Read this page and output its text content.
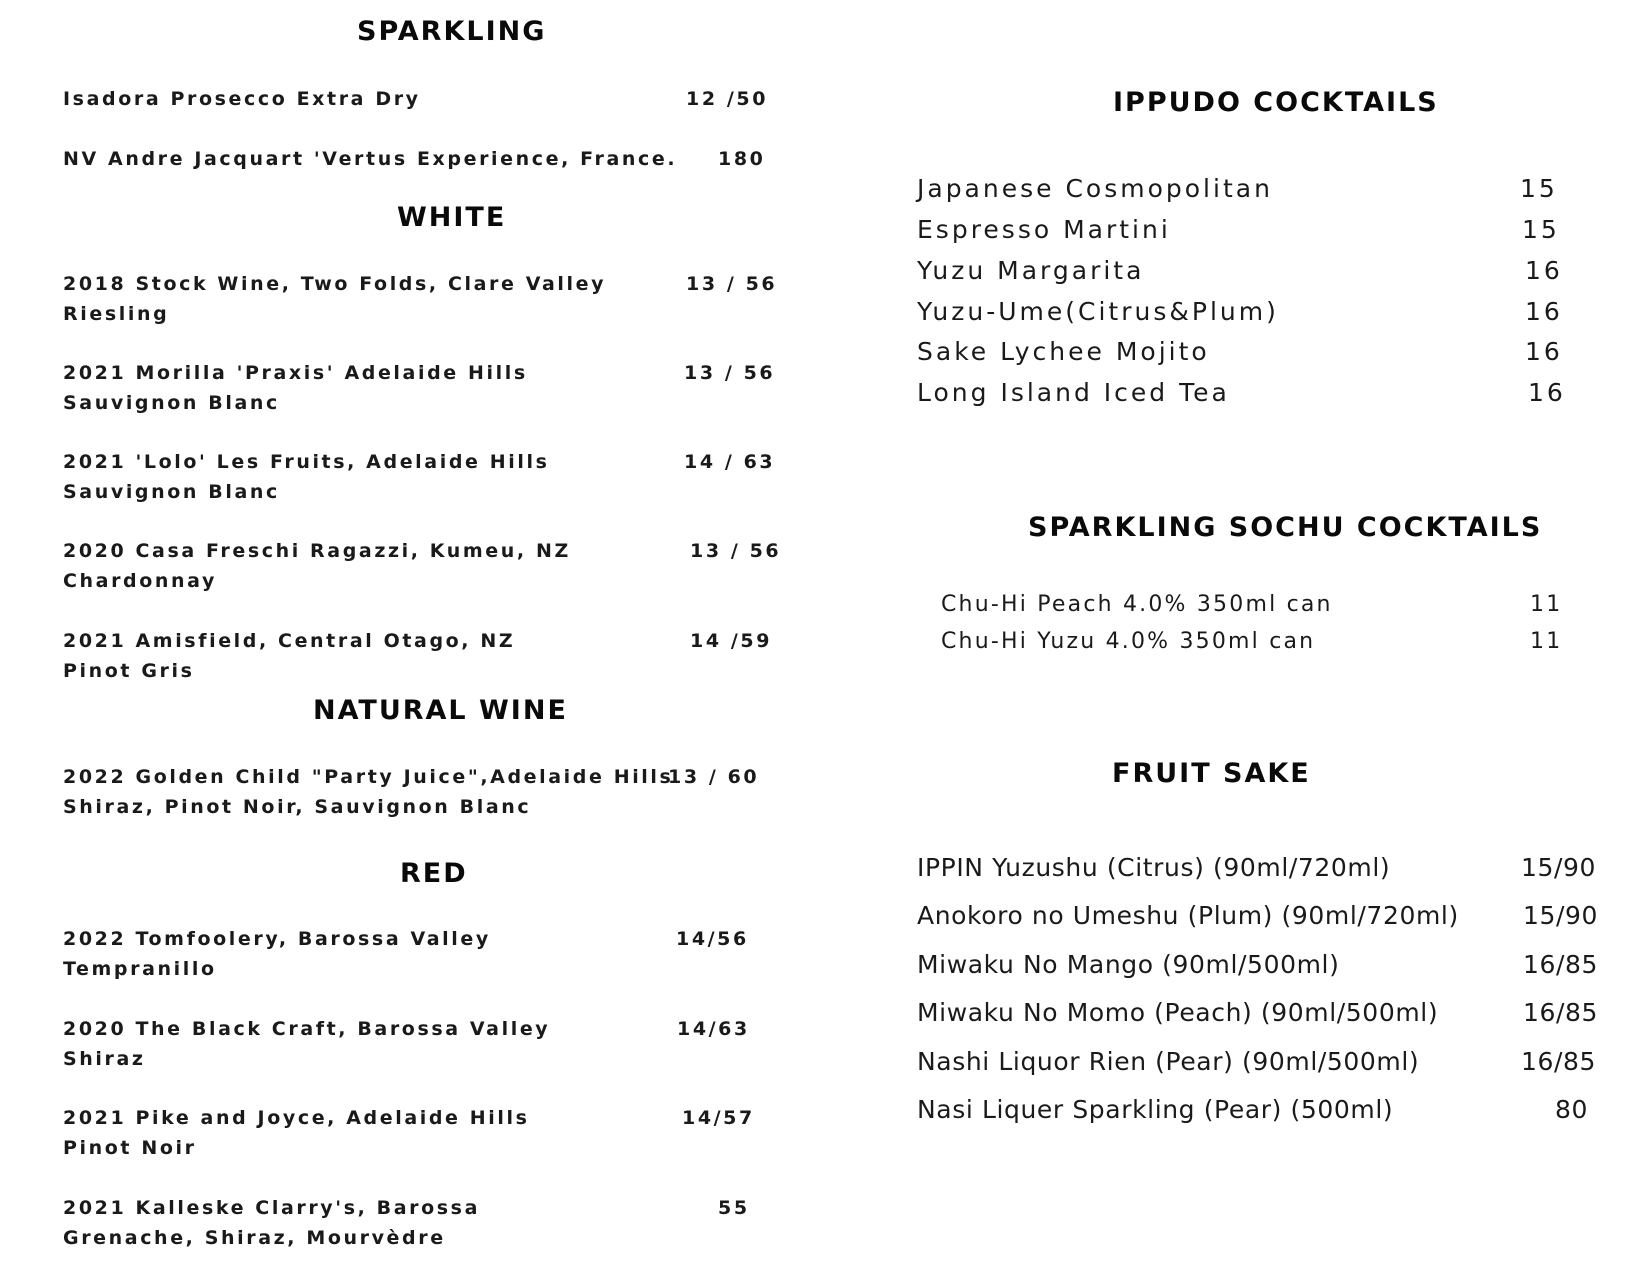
SPARKLING
Isadora Prosecco Extra Dry	12 /50
NV Andre Jacquart 'Vertus Experience, France. 180
WHITE
2018 Stock Wine, Two Folds, Clare Valley
Riesling
13 / 56
2021 Morilla 'Praxis' Adelaide Hills
Sauvignon Blanc
13 / 56
2021 'Lolo' Les Fruits, Adelaide Hills
Sauvignon Blanc
14 / 63
2020 Casa Freschi Ragazzi, Kumeu, NZ
Chardonnay
13 / 56
2021 Amisfield, Central Otago, NZ
Pinot Gris
14 /59
NATURAL WINE
2022 Golden Child "Party Juice",Adelaide Hills
Shiraz, Pinot Noir, Sauvignon Blanc
13 / 60
RED
2022 Tomfoolery, Barossa Valley
Tempranillo
14/56
2020 The Black Craft, Barossa Valley
Shiraz
14/63
2021 Pike and Joyce, Adelaide Hills
Pinot Noir
14/57
2021 Kalleske Clarry's, Barossa
Grenache, Shiraz, Mourvèdre
55
IPPUDO COCKTAILS
Japanese Cosmopolitan	15
Espresso Martini	15
Yuzu Margarita	16
Yuzu-Ume(Citrus&Plum)	16
Sake Lychee Mojito	16
Long Island Iced Tea	16
SPARKLING SOCHU COCKTAILS
Chu-Hi Peach 4.0% 350ml can	11
Chu-Hi Yuzu 4.0% 350ml can	11
FRUIT SAKE
IPPIN Yuzushu (Citrus) (90ml/720ml)	15/90
Anokoro no Umeshu (Plum) (90ml/720ml)	15/90
Miwaku No Mango (90ml/500ml)	16/85
Miwaku No Momo (Peach) (90ml/500ml)	16/85
Nashi Liquor Rien (Pear) (90ml/500ml)	16/85
Nasi Liquer Sparkling (Pear) (500ml)	80
